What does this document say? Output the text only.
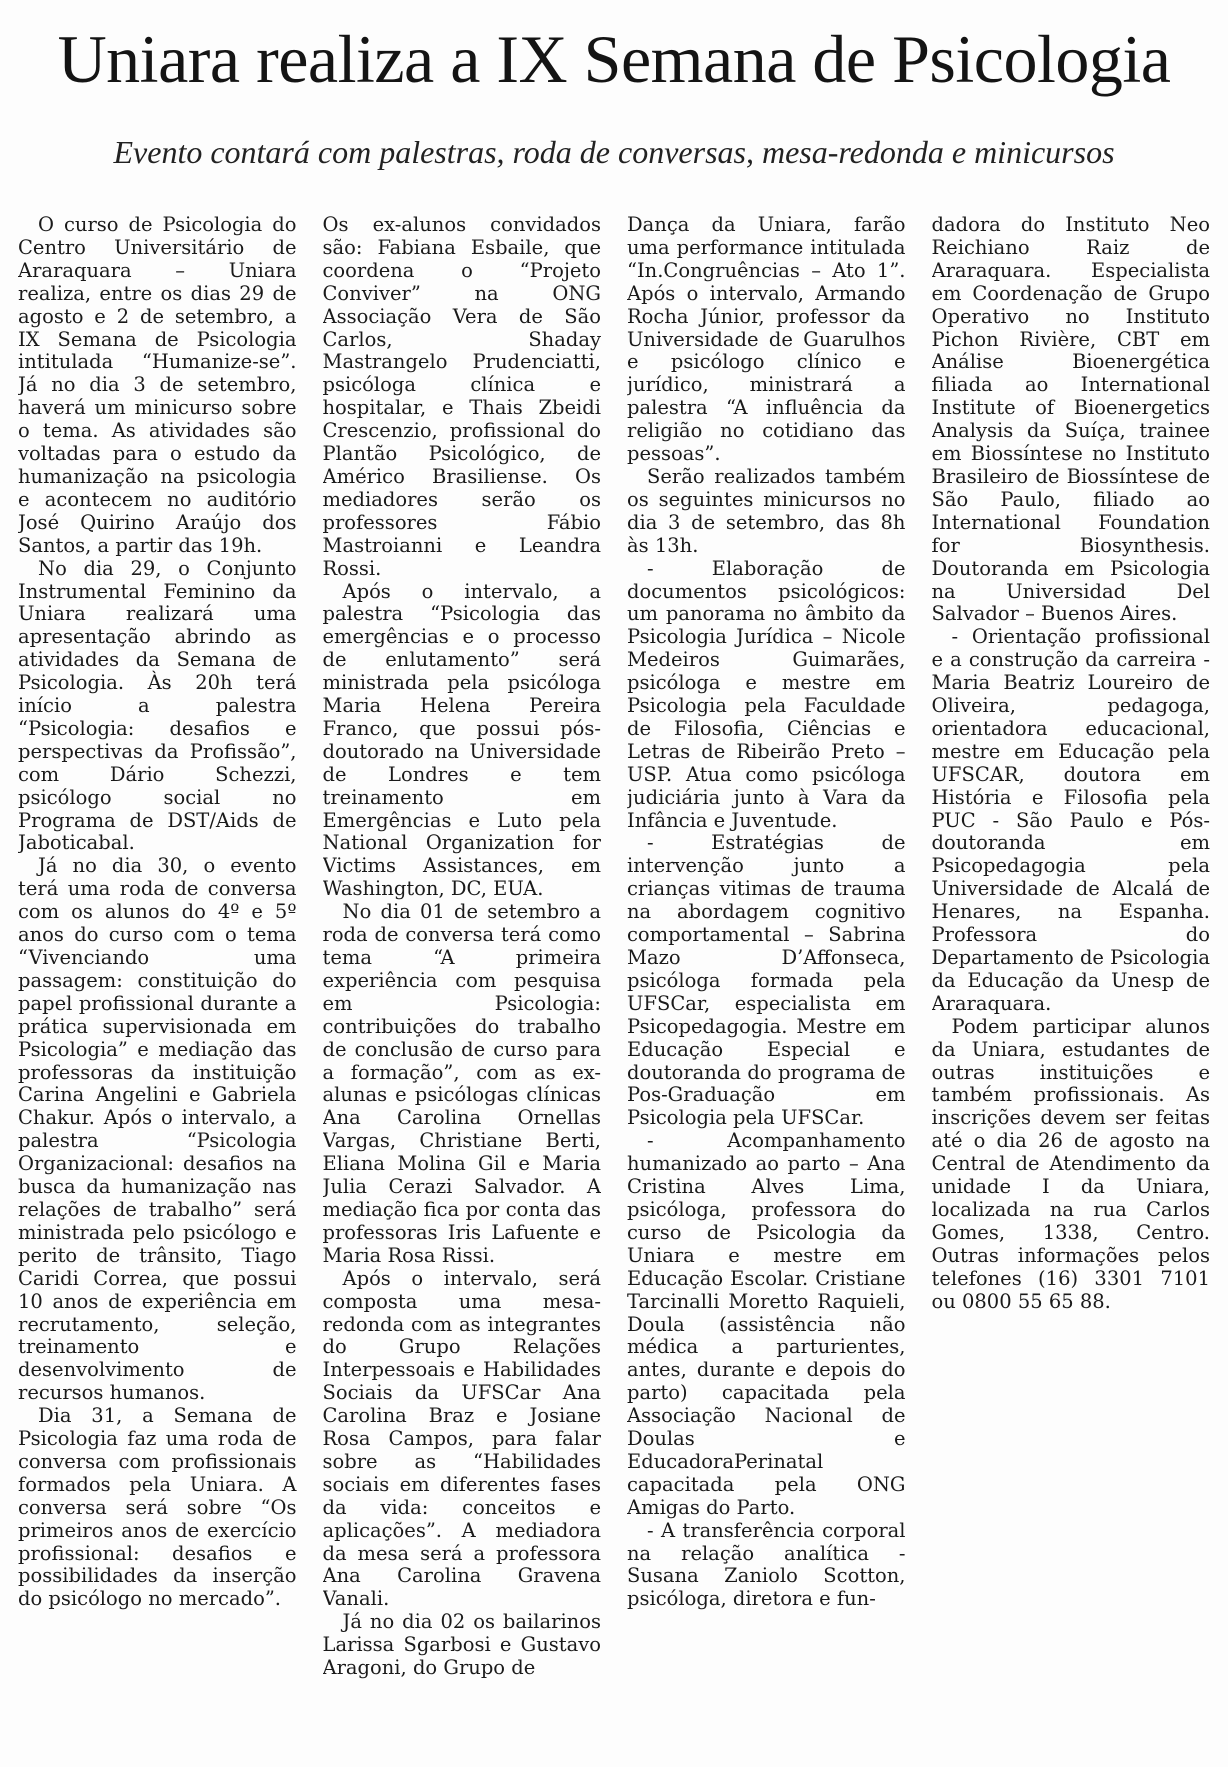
Uniara realiza a IX Semana de Psicologia
Evento contará com palestras, roda de conversas, mesa-redonda e minicursos

O curso de Psicologia do Centro Universitário de Araraquara – Uniara realiza, entre os dias 29 de agosto e 2 de setembro, a IX Semana de Psicologia intitulada “Humanize-se”. Já no dia 3 de setembro, haverá um minicurso sobre o tema. As atividades são voltadas para o estudo da humanização na psicologia e acontecem no auditório José Quirino Araújo dos Santos, a partir das 19h.

No dia 29, o Conjunto Instrumental Feminino da Uniara realizará uma apresentação abrindo as atividades da Semana de Psicologia. Às 20h terá início a palestra “Psicologia: desafios e perspectivas da Profissão”, com Dário Schezzi, psicólogo social no Programa de DST/Aids de Jaboticabal.

Já no dia 30, o evento terá uma roda de conversa com os alunos do 4º e 5º anos do curso com o tema “Vivenciando uma passagem: constituição do papel profissional durante a prática supervisionada em Psicologia” e mediação das professoras da instituição Carina Angelini e Gabriela Chakur. Após o intervalo, a palestra “Psicologia Organizacional: desafios na busca da humanização nas relações de trabalho” será ministrada pelo psicólogo e perito de trânsito, Tiago Caridi Correa, que possui 10 anos de experiência em recrutamento, seleção, treinamento e desenvolvimento de recursos humanos.

Dia 31, a Semana de Psicologia faz uma roda de conversa com profissionais formados pela Uniara. A conversa será sobre “Os primeiros anos de exercício profissional: desafios e possibilidades da inserção do psicólogo no mercado”.

Os ex-alunos convidados são: Fabiana Esbaile, que coordena o “Projeto Conviver” na ONG Associação Vera de São Carlos, Shaday Mastrangelo Prudenciatti, psicóloga clínica e hospitalar, e Thais Zbeidi Crescenzio, profissional do Plantão Psicológico, de Américo Brasiliense. Os mediadores serão os professores Fábio Mastroianni e Leandra Rossi.

Após o intervalo, a palestra “Psicologia das emergências e o processo de enlutamento” será ministrada pela psicóloga Maria Helena Pereira Franco, que possui pós-doutorado na Universidade de Londres e tem treinamento em Emergências e Luto pela National Organization for Victims Assistances, em Washington, DC, EUA.

No dia 01 de setembro a roda de conversa terá como tema “A primeira experiência com pesquisa em Psicologia: contribuições do trabalho de conclusão de curso para a formação”, com as ex-alunas e psicólogas clínicas Ana Carolina Ornellas Vargas, Christiane Berti, Eliana Molina Gil e Maria Julia Cerazi Salvador. A mediação fica por conta das professoras Iris Lafuente e Maria Rosa Rissi.

Após o intervalo, será composta uma mesa-redonda com as integrantes do Grupo Relações Interpessoais e Habilidades Sociais da UFSCar Ana Carolina Braz e Josiane Rosa Campos, para falar sobre as “Habilidades sociais em diferentes fases da vida: conceitos e aplicações”. A mediadora da mesa será a professora Ana Carolina Gravena Vanali.

Já no dia 02 os bailarinos Larissa Sgarbosi e Gustavo Aragoni, do Grupo de

Dança da Uniara, farão uma performance intitulada “In.Congruências – Ato 1”. Após o intervalo, Armando Rocha Júnior, professor da Universidade de Guarulhos e psicólogo clínico e jurídico, ministrará a palestra “A influência da religião no cotidiano das pessoas”.

Serão realizados também os seguintes minicursos no dia 3 de setembro, das 8h às 13h.

- Elaboração de documentos psicológicos: um panorama no âmbito da Psicologia Jurídica – Nicole Medeiros Guimarães, psicóloga e mestre em Psicologia pela Faculdade de Filosofia, Ciências e Letras de Ribeirão Preto – USP. Atua como psicóloga judiciária junto à Vara da Infância e Juventude.

- Estratégias de intervenção junto a crianças vitimas de trauma na abordagem cognitivo comportamental – Sabrina Mazo D’Affonseca, psicóloga formada pela UFSCar, especialista em Psicopedagogia. Mestre em Educação Especial e doutoranda do programa de Pos-Graduação em Psicologia pela UFSCar.

- Acompanhamento humanizado ao parto – Ana Cristina Alves Lima, psicóloga, professora do curso de Psicologia da Uniara e mestre em Educação Escolar. Cristiane Tarcinalli Moretto Raquieli, Doula (assistência não médica a parturientes, antes, durante e depois do parto) capacitada pela Associação Nacional de Doulas e EducadoraPerinatal capacitada pela ONG Amigas do Parto.

- A transferência corporal na relação analítica - Susana Zaniolo Scotton, psicóloga, diretora e fun-

dadora do Instituto Neo Reichiano Raiz de Araraquara. Especialista em Coordenação de Grupo Operativo no Instituto Pichon Rivière, CBT em Análise Bioenergética filiada ao International Institute of Bioenergetics Analysis da Suíça, trainee em Biossíntese no Instituto Brasileiro de Biossíntese de São Paulo, filiado ao International Foundation for Biosynthesis. Doutoranda em Psicologia na Universidad Del Salvador – Buenos Aires.

- Orientação profissional e a construção da carreira - Maria Beatriz Loureiro de Oliveira, pedagoga, orientadora educacional, mestre em Educação pela UFSCAR, doutora em História e Filosofia pela PUC - São Paulo e Pós-doutoranda em Psicopedagogia pela Universidade de Alcalá de Henares, na Espanha. Professora do Departamento de Psicologia da Educação da Unesp de Araraquara.

Podem participar alunos da Uniara, estudantes de outras instituições e também profissionais. As inscrições devem ser feitas até o dia 26 de agosto na Central de Atendimento da unidade I da Uniara, localizada na rua Carlos Gomes, 1338, Centro. Outras informações pelos telefones (16) 3301 7101 ou 0800 55 65 88.
